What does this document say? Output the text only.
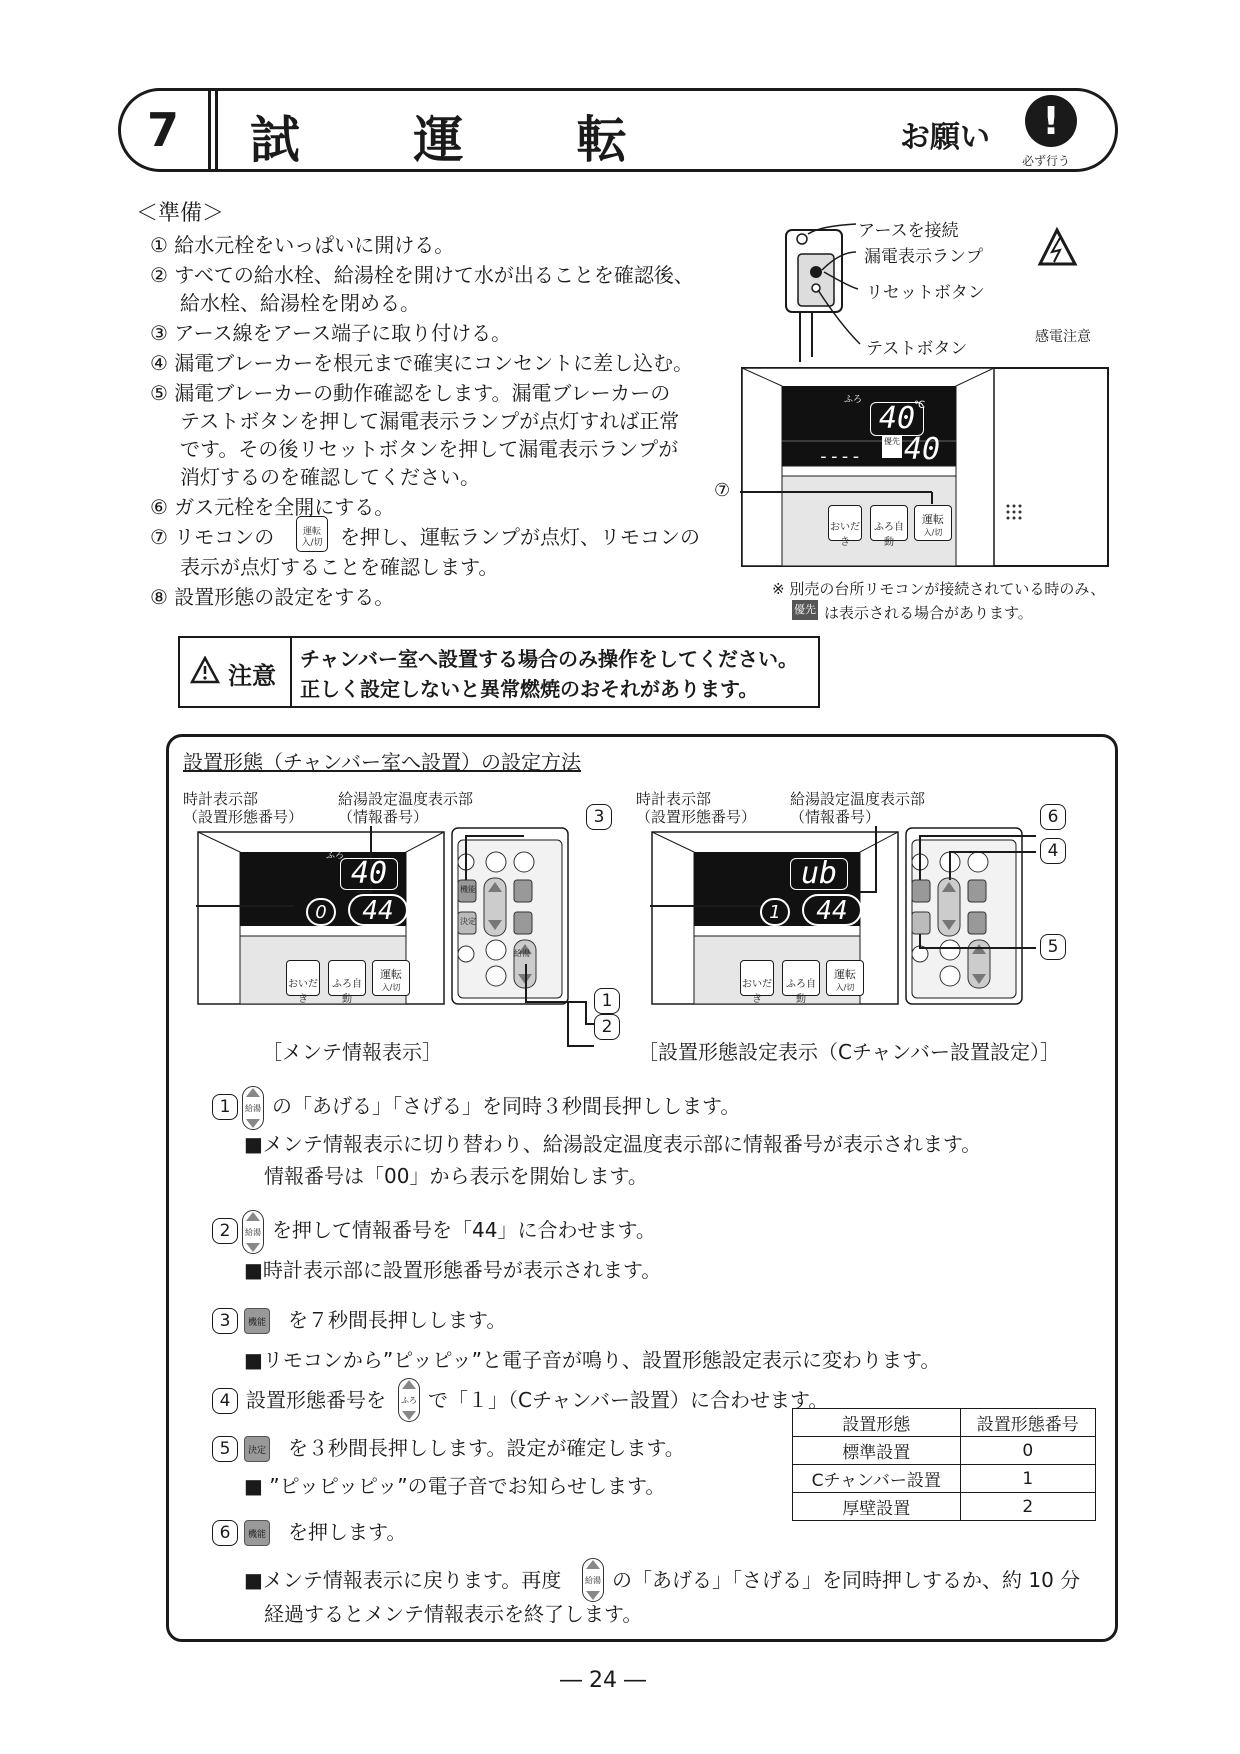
7	試 運 転	お願い	!
必ず行う
＜準備＞
① 給水元栓をいっぱいに開ける。
② すべての給水栓、給湯栓を開けて水が出ることを確認後、
給水栓、給湯栓を閉める。
③ アース線をアース端子に取り付ける。
④ 漏電ブレーカーを根元まで確実にコンセントに差し込む。
⑤ 漏電ブレーカーの動作確認をします。漏電ブレーカーの
テストボタンを押して漏電表示ランプが点灯すれば正常
です。その後リセットボタンを押して漏電表示ランプが
消灯するのを確認してください。
⑥ ガス元栓を全開にする。
⑦ リモコンの	運転 入/切 を押し、運転ランプが点灯、リモコンの
表示が点灯することを確認します。
⑧ 設置形態の設定をする。
アースを接続
漏電表示ランプ
リセットボタン
テストボタン
感電注意
ふろ
40
℃
----
優先 40
⑦
おいだき
ふろ自動
運転
入/切
※ 別売の台所リモコンが接続されている時のみ、
優先 は表示される場合があります。
注意
チャンバー室へ設置する場合のみ操作をしてください。
正しく設定しないと異常燃焼のおそれがあります。
設置形態（チャンバー室へ設置）の設定方法
時計表示部
（設置形態番号）
給湯設定温度表示部
（情報番号）
ふろ 40
0	44
おいだき
ふろ自動
運転
入/切
機能
決定
給湯
3
1
2
［メンテ情報表示］
時計表示部
（設置形態番号）
給湯設定温度表示部
（情報番号）
ub
1	44
おいだき
ふろ自動
運転
入/切
6
4
5
［設置形態設定表示（Cチャンバー設置設定）］
1	給湯 の「あげる」「さげる」を同時３秒間長押しします。
■メンテ情報表示に切り替わり、給湯設定温度表示部に情報番号が表示されます。
情報番号は「00」から表示を開始します。
2	給湯 を押して情報番号を「44」に合わせます。
■時計表示部に設置形態番号が表示されます。
3	機能 を７秒間長押しします。
■リモコンから”ピッピッ”と電子音が鳴り、設置形態設定表示に変わります。
4 設置形態番号を ふろ で「１」（Cチャンバー設置）に合わせます。
5	決定 を３秒間長押しします。設定が確定します。
■ ”ピッピッピッ”の電子音でお知らせします。
6	機能 を押します。
■メンテ情報表示に戻ります。再度	給湯 の「あげる」「さげる」を同時押しするか、約 10 分
経過するとメンテ情報表示を終了します。
設置形態	設置形態番号
標準設置	0
Cチャンバー設置	1
厚壁設置	2
― 24 ―
